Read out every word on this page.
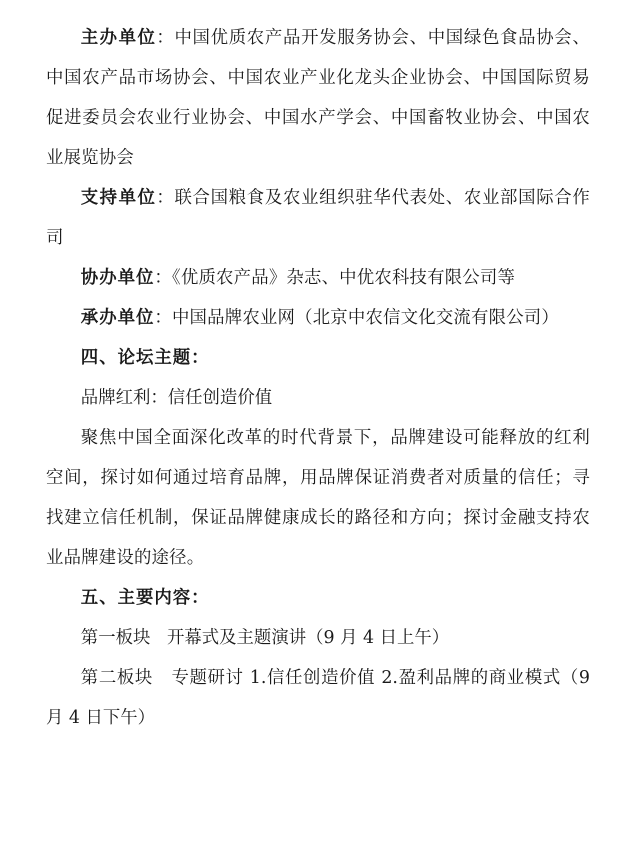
主办单位：中国优质农产品开发服务协会、中国绿色食品协会、中国农产品市场协会、中国农业产业化龙头企业协会、中国国际贸易促进委员会农业行业协会、中国水产学会、中国畜牧业协会、中国农业展览协会

支持单位：联合国粮食及农业组织驻华代表处、农业部国际合作司

协办单位：《优质农产品》杂志、中优农科技有限公司等

承办单位：中国品牌农业网（北京中农信文化交流有限公司）

四、论坛主题：

品牌红利：信任创造价值

聚焦中国全面深化改革的时代背景下，品牌建设可能释放的红利空间，探讨如何通过培育品牌，用品牌保证消费者对质量的信任；寻找建立信任机制，保证品牌健康成长的路径和方向；探讨金融支持农业品牌建设的途径。

五、主要内容：

第一板块 开幕式及主题演讲（9 月 4 日上午）

第二板块 专题研讨 1.信任创造价值 2.盈利品牌的商业模式（9 月 4 日下午）
